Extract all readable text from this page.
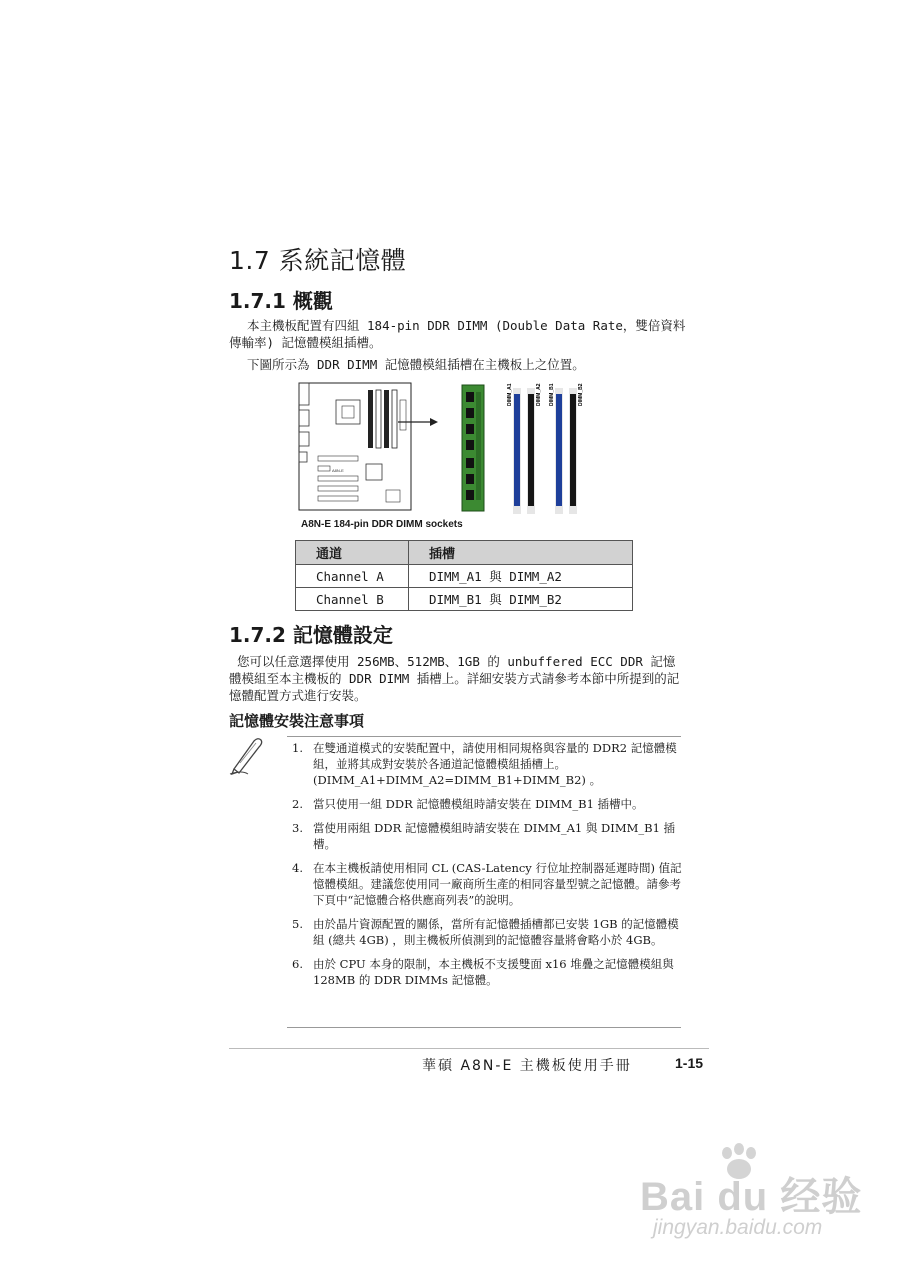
1.7 系統記憶體
1.7.1 概觀
本主機板配置有四組 184-pin DDR DIMM (Double Data Rate，雙倍資料傳輸率) 記憶體模組插槽。
下圖所示為 DDR DIMM 記憶體模組插槽在主機板上之位置。
A8N-E
DIMM_A1	DIMM_A2 DIMM_B1	DIMM_B2
A8N-E 184-pin DDR DIMM sockets
通道	插槽
Channel A	DIMM_A1 與 DIMM_A2
Channel B	DIMM_B1 與 DIMM_B2
1.7.2 記憶體設定
您可以任意選擇使用 256MB、512MB、1GB 的 unbuffered ECC DDR 記憶體模組至本主機板的 DDR DIMM 插槽上。詳細安裝方式請參考本節中所提到的記憶體配置方式進行安裝。
記憶體安裝注意事項
1. 在雙通道模式的安裝配置中，請使用相同規格與容量的 DDR2 記憶體模組，並將其成對安裝於各通道記憶體模組插槽上。(DIMM_A1+DIMM_A2=DIMM_B1+DIMM_B2) 。
2. 當只使用一組 DDR 記憶體模組時請安裝在 DIMM_B1 插槽中。
3. 當使用兩組 DDR 記憶體模組時請安裝在 DIMM_A1 與 DIMM_B1 插槽。
4. 在本主機板請使用相同 CL (CAS-Latency 行位址控制器延遲時間) 值記憶體模組。建議您使用同一廠商所生產的相同容量型號之記憶體。請參考下頁中“記憶體合格供應商列表”的說明。
5. 由於晶片資源配置的關係，當所有記憶體插槽都已安裝 1GB 的記憶體模組 (總共 4GB) ，則主機板所偵測到的記憶體容量將會略小於 4GB。
6. 由於 CPU 本身的限制，本主機板不支援雙面 x16 堆疊之記憶體模組與 128MB 的 DDR DIMMs 記憶體。
華碩 A8N-E 主機板使用手冊	1-15
Bai du 经验
jingyan.baidu.com
